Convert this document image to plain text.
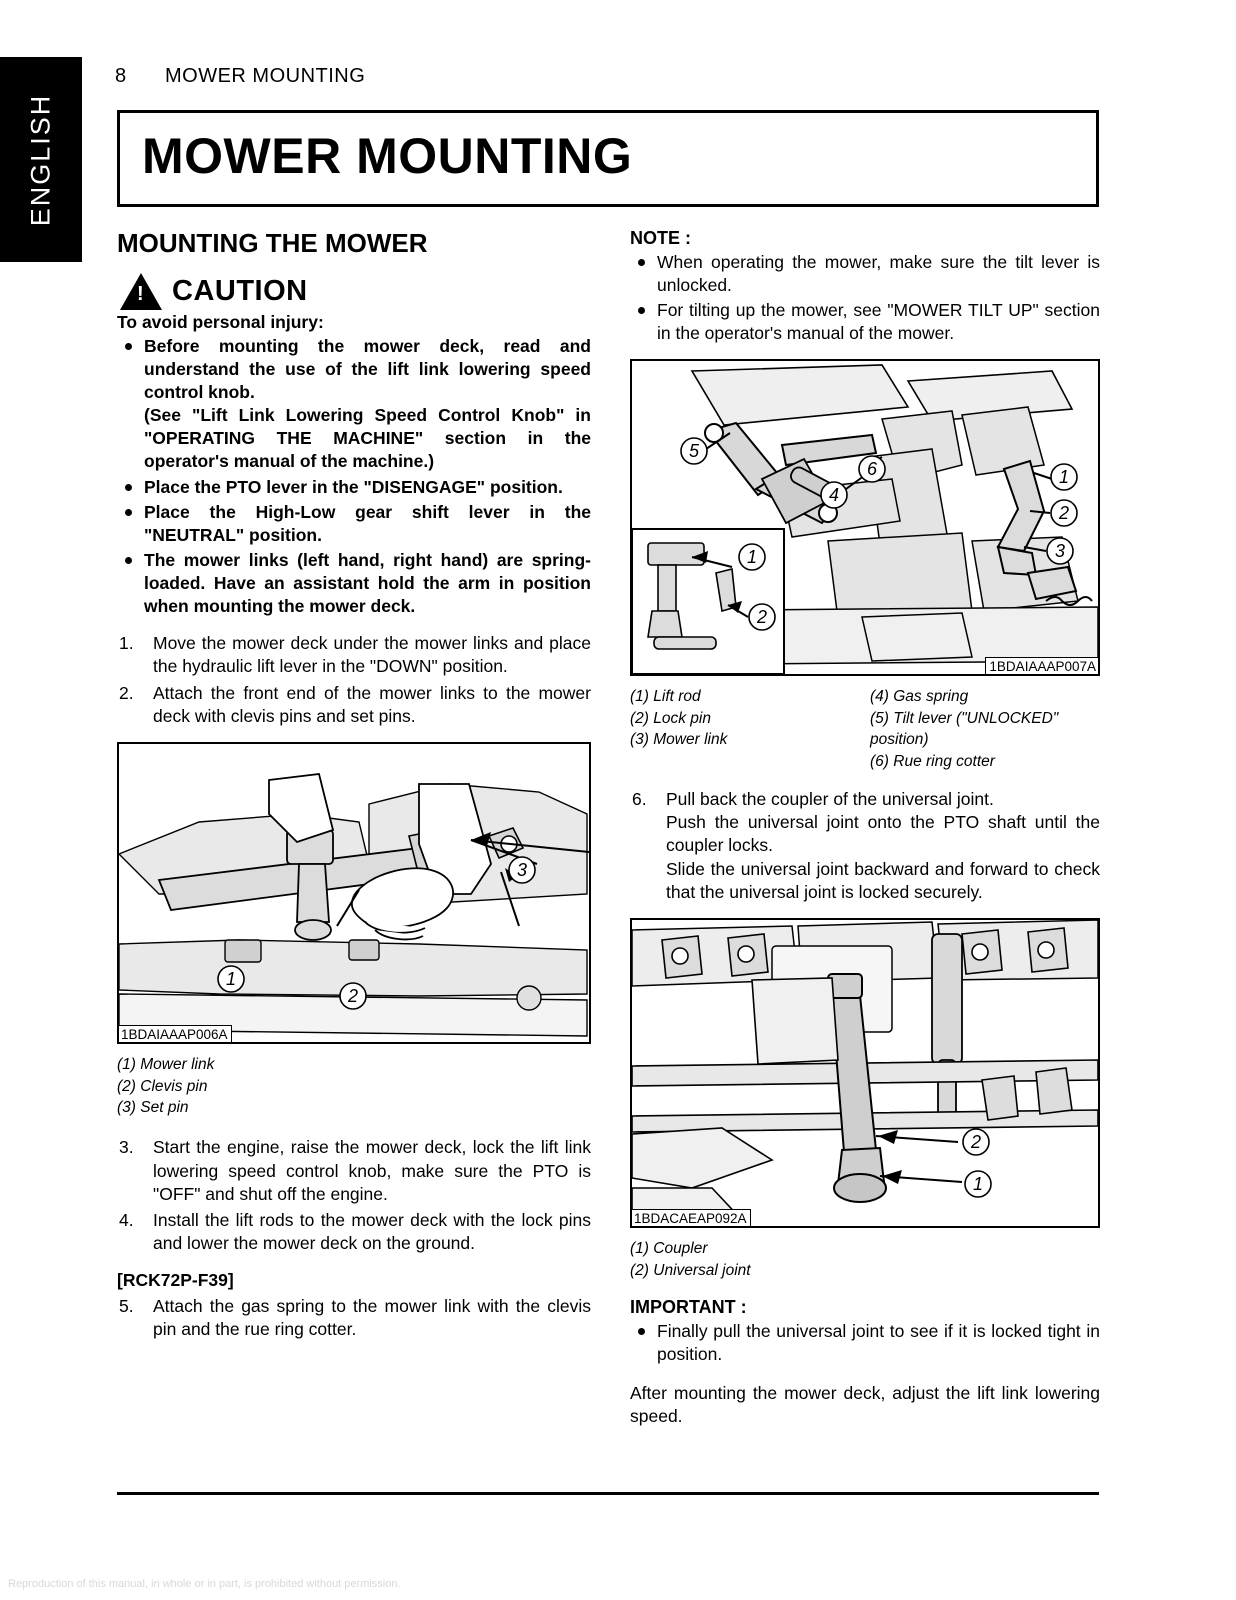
ENGLISH
8 MOWER MOUNTING
MOWER MOUNTING
MOUNTING THE MOWER
!
CAUTION
To avoid personal injury:
Before mounting the mower deck, read and understand the use of the lift link lowering speed control knob.
(See "Lift Link Lowering Speed Control Knob" in "OPERATING THE MACHINE" section in the operator's manual of the machine.)
Place the PTO lever in the "DISENGAGE" position.
Place the High-Low gear shift lever in the "NEUTRAL" position.
The mower links (left hand, right hand) are spring-loaded. Have an assistant hold the arm in position when mounting the mower deck.
1. Move the mower deck under the mower links and place the hydraulic lift lever in the "DOWN" position.
2. Attach the front end of the mower links to the mower deck with clevis pins and set pins.
3
1
2
1BDAIAAAP006A
(1) Mower link
(2) Clevis pin
(3) Set pin
3. Start the engine, raise the mower deck, lock the lift link lowering speed control knob, make sure the PTO is "OFF" and shut off the engine.
4. Install the lift rods to the mower deck with the lock pins and lower the mower deck on the ground.
[RCK72P-F39]
5. Attach the gas spring to the mower link with the clevis pin and the rue ring cotter.
NOTE :
When operating the mower, make sure the tilt lever is unlocked.
For tilting up the mower, see "MOWER TILT UP" section in the operator's manual of the mower.
1
2
5
6
4
1
2
3
1BDAIAAAP007A
(1) Lift rod
(2) Lock pin
(3) Mower link
(4) Gas spring
(5) Tilt lever ("UNLOCKED" position)
(6) Rue ring cotter
6. Pull back the coupler of the universal joint.
Push the universal joint onto the PTO shaft until the coupler locks.
Slide the universal joint backward and forward to check that the universal joint is locked securely.
2
1
1BDACAEAP092A
(1) Coupler
(2) Universal joint
IMPORTANT :
Finally pull the universal joint to see if it is locked tight in position.

After mounting the mower deck, adjust the lift link lowering speed.

Reproduction of this manual, in whole or in part, is prohibited without permission.
